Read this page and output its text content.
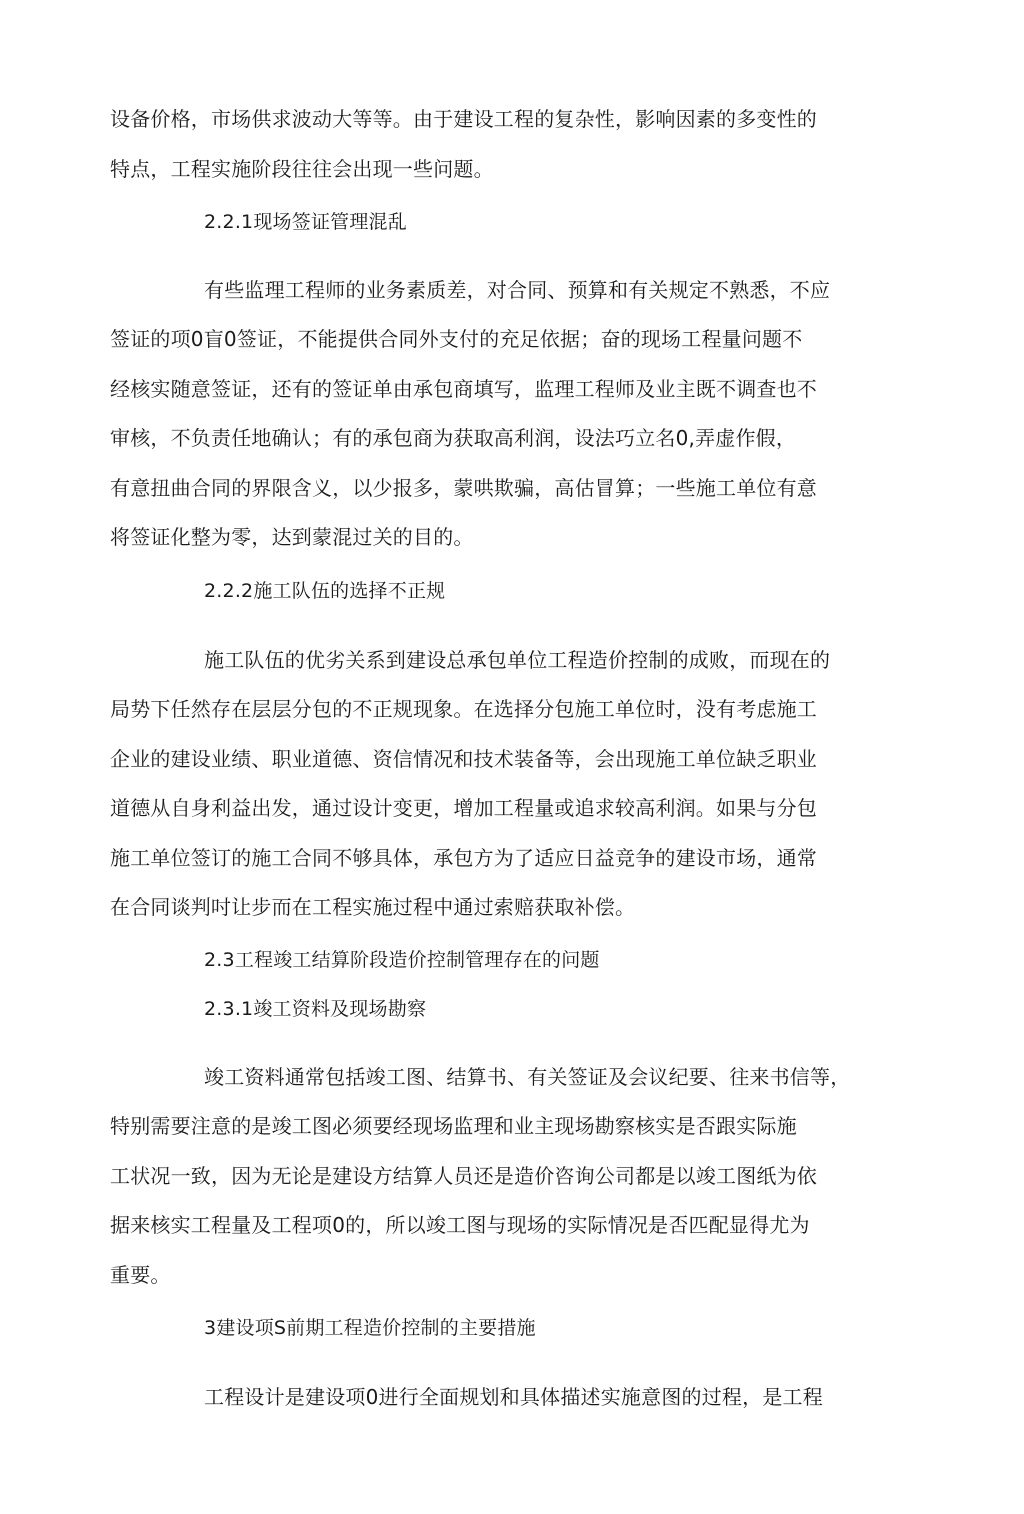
设备价格，市场供求波动大等等。由于建设工程的复杂性，影响因素的多变性的
特点，工程实施阶段往往会出现一些问题。
2.2.1现场签证管理混乱
有些监理工程师的业务素质差，对合同、预算和有关规定不熟悉，不应
签证的项0盲0签证，不能提供合同外支付的充足依据；奋的现场工程量问题不
经核实随意签证，还有的签证单由承包商填写，监理工程师及业主既不调查也不
审核，不负责任地确认；有的承包商为获取高利润，设法巧立名0,弄虚作假，
有意扭曲合同的界限含义，以少报多，蒙哄欺骗，高估冒算；一些施工单位有意
将签证化整为零，达到蒙混过关的目的。
2.2.2施工队伍的选择不正规
施工队伍的优劣关系到建设总承包单位工程造价控制的成败，而现在的
局势下任然存在层层分包的不正规现象。在选择分包施工单位时，没有考虑施工
企业的建设业绩、职业道德、资信情况和技术装备等，会出现施工单位缺乏职业
道德从自身利益出发，通过设计变更，增加工程量或追求较高利润。如果与分包
施工单位签订的施工合同不够具体，承包方为了适应日益竞争的建设市场，通常
在合同谈判吋让步而在工程实施过程中通过索赔获取补偿。
2.3工程竣工结算阶段造价控制管理存在的问题
2.3.1竣工资料及现场勘察
竣工资料通常包括竣工图、结算书、有关签证及会议纪要、往来书信等，
特别需要注意的是竣工图必须要经现场监理和业主现场勘察核实是否跟实际施
工状况一致，因为无论是建设方结算人员还是造价咨询公司都是以竣工图纸为依
据来核实工程量及工程项0的，所以竣工图与现场的实际情况是否匹配显得尤为
重要。
3建设项S前期工程造价控制的主要措施
工程设计是建设项0进行全面规划和具体描述实施意图的过程，是工程
